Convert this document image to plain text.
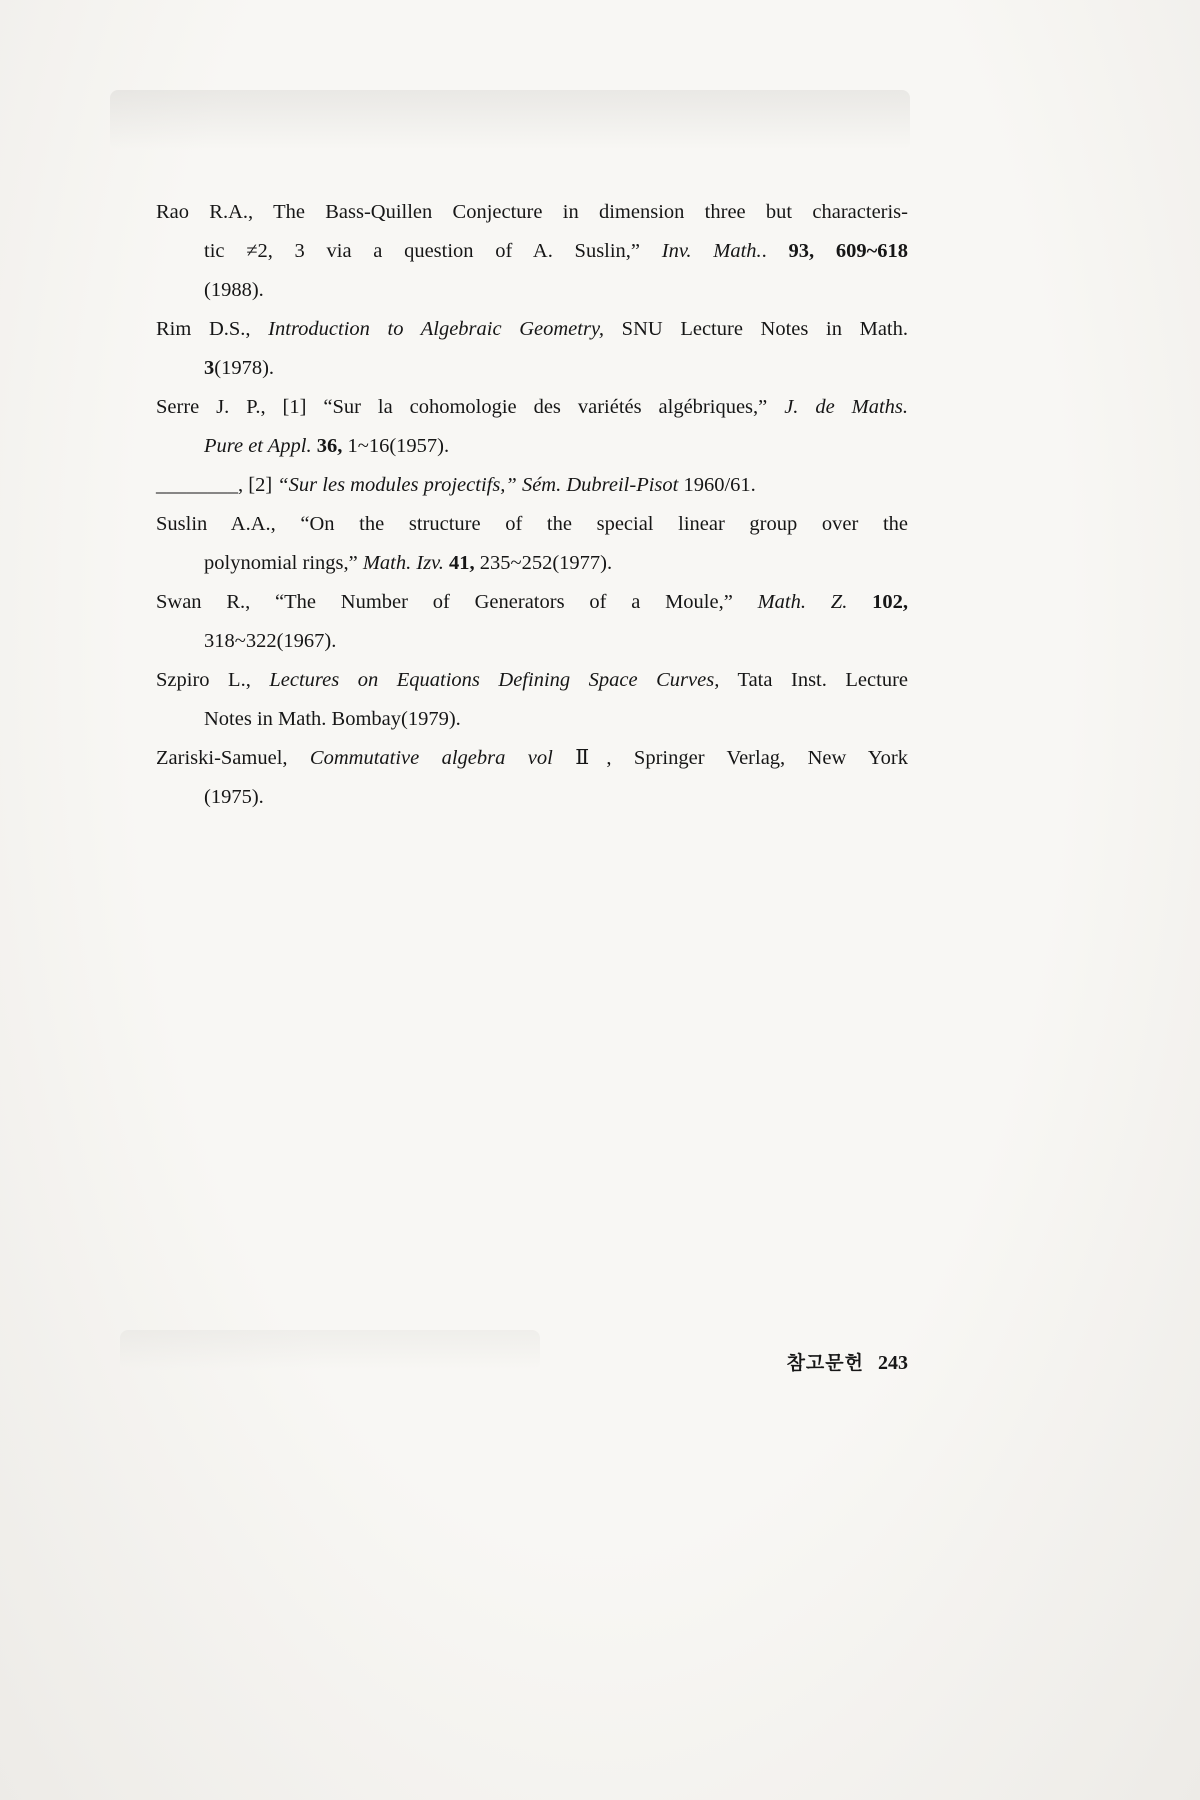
Rao R.A., The Bass-Quillen Conjecture in dimension three but characteris-
tic ≠2, 3 via a question of A. Suslin,” Inv. Math.. 93, 609~618
(1988).
Rim D.S., Introduction to Algebraic Geometry, SNU Lecture Notes in Math.
3(1978).
Serre J. P., [1] “Sur la cohomologie des variétés algébriques,” J. de Maths.
Pure et Appl. 36, 1~16(1957).
________, [2] “Sur les modules projectifs,” Sém. Dubreil-Pisot 1960/61.
Suslin A.A., “On the structure of the special linear group over the
polynomial rings,” Math. Izv. 41, 235~252(1977).
Swan R., “The Number of Generators of a Moule,” Math. Z. 102,
318~322(1967).
Szpiro L., Lectures on Equations Defining Space Curves, Tata Inst. Lecture
Notes in Math. Bombay(1979).
Zariski-Samuel, Commutative algebra vol Ⅱ, Springer Verlag, New York
(1975).
참고문헌 243
